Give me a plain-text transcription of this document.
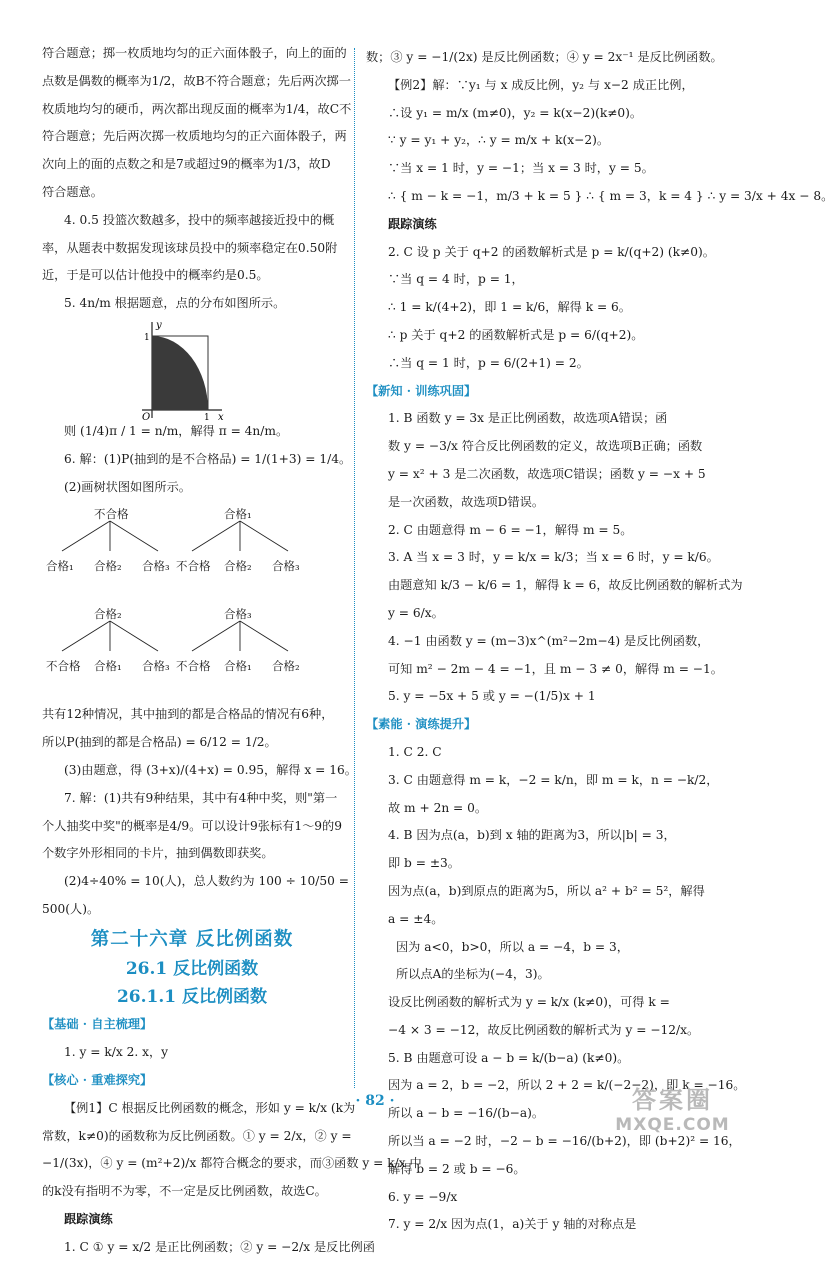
符合题意；掷一枚质地均匀的正六面体骰子，向上的面的
点数是偶数的概率为1/2，故B不符合题意；先后两次掷一
枚质地均匀的硬币，两次都出现反面的概率为1/4，故C不
符合题意；先后两次掷一枚质地均匀的正六面体骰子，两
次向上的面的点数之和是7或超过9的概率为1/3，故D
符合题意。
4. 0.5 投篮次数越多，投中的频率越接近投中的概
率，从题表中数据发现该球员投中的频率稳定在0.50附
近，于是可以估计他投中的概率约是0.5。
5. 4n/m 根据题意，点的分布如图所示。
y
x
O	1
1
则 (1/4)π / 1 = n/m，解得 π = 4n/m。
6. 解：(1)P(抽到的是不合格品) = 1/(1+3) = 1/4。
(2)画树状图如图所示。
不合格
合格₁ 合格₂ 合格₃
合格₁
不合格 合格₂ 合格₃
合格₂
不合格 合格₁ 合格₃
合格₃
不合格 合格₁ 合格₂
共有12种情况，其中抽到的都是合格品的情况有6种，
所以P(抽到的都是合格品) = 6/12 = 1/2。
(3)由题意，得 (3+x)/(4+x) = 0.95，解得 x = 16。
7. 解：(1)共有9种结果，其中有4种中奖，则"第一
个人抽奖中奖"的概率是4/9。可以设计9张标有1～9的9
个数字外形相同的卡片，抽到偶数即获奖。
(2)4÷40% = 10(人)，总人数约为 100 ÷ 10/50 =
500(人)。
第二十六章 反比例函数
26.1 反比例函数
26.1.1 反比例函数
【基础 · 自主梳理】
1. y = k/x 2. x，y
【核心 · 重难探究】
【例1】C 根据反比例函数的概念，形如 y = k/x (k为
常数，k≠0)的函数称为反比例函数。① y = 2/x，② y =
−1/(3x)，④ y = (m²+2)/x 都符合概念的要求，而③函数 y = k/x 中
的k没有指明不为零，不一定是反比例函数，故选C。
跟踪演练
1. C ① y = x/2 是正比例函数；② y = −2/x 是反比例函
数；③ y = −1/(2x) 是反比例函数；④ y = 2x⁻¹ 是反比例函数。
【例2】解：∵y₁ 与 x 成反比例，y₂ 与 x−2 成正比例，
∴设 y₁ = m/x (m≠0)，y₂ = k(x−2)(k≠0)。
∵ y = y₁ + y₂，∴ y = m/x + k(x−2)。
∵当 x = 1 时，y = −1；当 x = 3 时，y = 5。
∴ { m − k = −1，m/3 + k = 5 } ∴ { m = 3，k = 4 } ∴ y = 3/x + 4x − 8。
跟踪演练
2. C 设 p 关于 q+2 的函数解析式是 p = k/(q+2) (k≠0)。
∵当 q = 4 时，p = 1，
∴ 1 = k/(4+2)，即 1 = k/6，解得 k = 6。
∴ p 关于 q+2 的函数解析式是 p = 6/(q+2)。
∴当 q = 1 时，p = 6/(2+1) = 2。
【新知 · 训练巩固】
1. B 函数 y = 3x 是正比例函数，故选项A错误；函
数 y = −3/x 符合反比例函数的定义，故选项B正确；函数
y = x² + 3 是二次函数，故选项C错误；函数 y = −x + 5
是一次函数，故选项D错误。
2. C 由题意得 m − 6 = −1，解得 m = 5。
3. A 当 x = 3 时，y = k/x = k/3；当 x = 6 时，y = k/6。
由题意知 k/3 − k/6 = 1，解得 k = 6，故反比例函数的解析式为
y = 6/x。
4. −1 由函数 y = (m−3)x^(m²−2m−4) 是反比例函数，
可知 m² − 2m − 4 = −1，且 m − 3 ≠ 0，解得 m = −1。
5. y = −5x + 5 或 y = −(1/5)x + 1
【素能 · 演练提升】
1. C 2. C
3. C 由题意得 m = k，−2 = k/n，即 m = k，n = −k/2，
故 m + 2n = 0。
4. B 因为点(a，b)到 x 轴的距离为3，所以|b| = 3，
即 b = ±3。
因为点(a，b)到原点的距离为5，所以 a² + b² = 5²，解得
a = ±4。
因为 a<0，b>0，所以 a = −4，b = 3，
所以点A的坐标为(−4，3)。
设反比例函数的解析式为 y = k/x (k≠0)，可得 k =
−4 × 3 = −12，故反比例函数的解析式为 y = −12/x。
5. B 由题意可设 a − b = k/(b−a) (k≠0)。
因为 a = 2，b = −2，所以 2 + 2 = k/(−2−2)，即 k = −16。
所以 a − b = −16/(b−a)。
所以当 a = −2 时，−2 − b = −16/(b+2)，即 (b+2)² = 16，
解得 b = 2 或 b = −6。
6. y = −9/x
7. y = 2/x 因为点(1，a)关于 y 轴的对称点是
· 82 ·	答案圈
MXQE.COM
